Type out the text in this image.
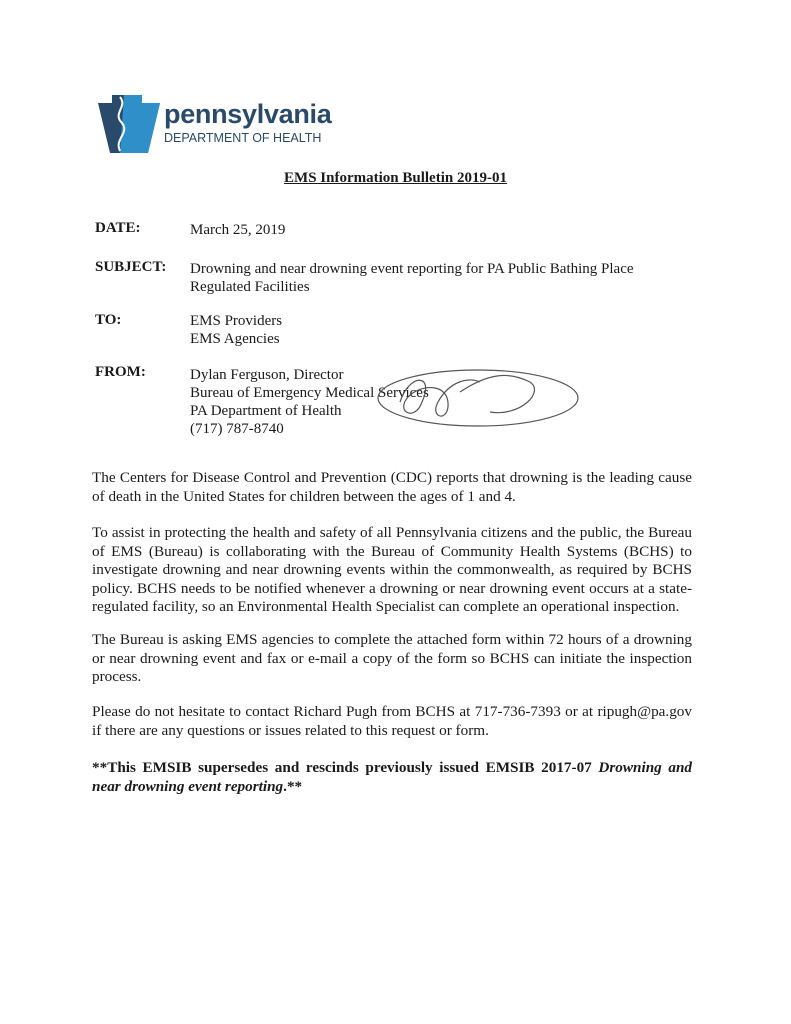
pennsylvania
DEPARTMENT OF HEALTH
EMS Information Bulletin 2019-01
DATE:	March 25, 2019
SUBJECT: Drowning and near drowning event reporting for PA Public Bathing Place
Regulated Facilities
TO:	EMS Providers
EMS Agencies
FROM:	Dylan Ferguson, Director
Bureau of Emergency Medical Services
PA Department of Health
(717) 787-8740
The Centers for Disease Control and Prevention (CDC) reports that drowning is the leading cause
of death in the United States for children between the ages of 1 and 4.
To assist in protecting the health and safety of all Pennsylvania citizens and the public, the Bureau
of EMS (Bureau) is collaborating with the Bureau of Community Health Systems (BCHS) to
investigate drowning and near drowning events within the commonwealth, as required by BCHS
policy. BCHS needs to be notified whenever a drowning or near drowning event occurs at a state-
regulated facility, so an Environmental Health Specialist can complete an operational inspection.
The Bureau is asking EMS agencies to complete the attached form within 72 hours of a drowning
or near drowning event and fax or e-mail a copy of the form so BCHS can initiate the inspection
process.
Please do not hesitate to contact Richard Pugh from BCHS at 717-736-7393 or at ripugh@pa.gov
if there are any questions or issues related to this request or form.
**This EMSIB supersedes and rescinds previously issued EMSIB 2017-07 Drowning and
near drowning event reporting.**
